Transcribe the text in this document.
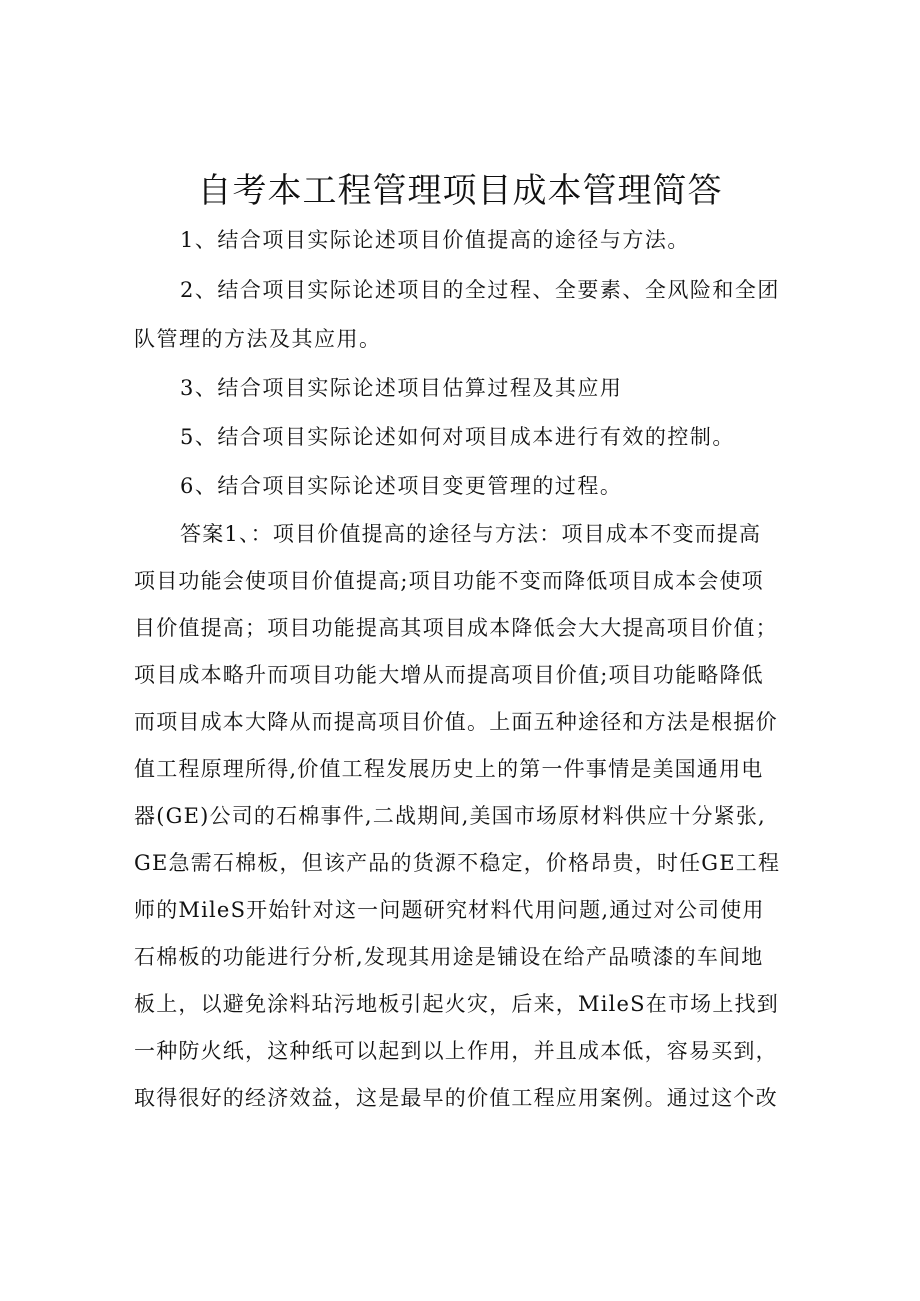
自考本工程管理项目成本管理简答
1、结合项目实际论述项目价值提高的途径与方法。
2、结合项目实际论述项目的全过程、全要素、全风险和全团
队管理的方法及其应用。
3、结合项目实际论述项目估算过程及其应用
5、结合项目实际论述如何对项目成本进行有效的控制。
6、结合项目实际论述项目变更管理的过程。
答案1、：项目价值提高的途径与方法：项目成本不变而提高
项目功能会使项目价值提高;项目功能不变而降低项目成本会使项
目价值提高；项目功能提高其项目成本降低会大大提高项目价值；
项目成本略升而项目功能大增从而提高项目价值;项目功能略降低
而项目成本大降从而提高项目价值。上面五种途径和方法是根据价
值工程原理所得,价值工程发展历史上的第一件事情是美国通用电
器(GE)公司的石棉事件,二战期间,美国市场原材料供应十分紧张,
GE急需石棉板，但该产品的货源不稳定，价格昂贵，时任GE工程
师的MileS开始针对这一问题研究材料代用问题,通过对公司使用
石棉板的功能进行分析,发现其用途是铺设在给产品喷漆的车间地
板上，以避免涂料玷污地板引起火灾，后来，MileS在市场上找到
一种防火纸，这种纸可以起到以上作用，并且成本低，容易买到，
取得很好的经济效益，这是最早的价值工程应用案例。通过这个改
